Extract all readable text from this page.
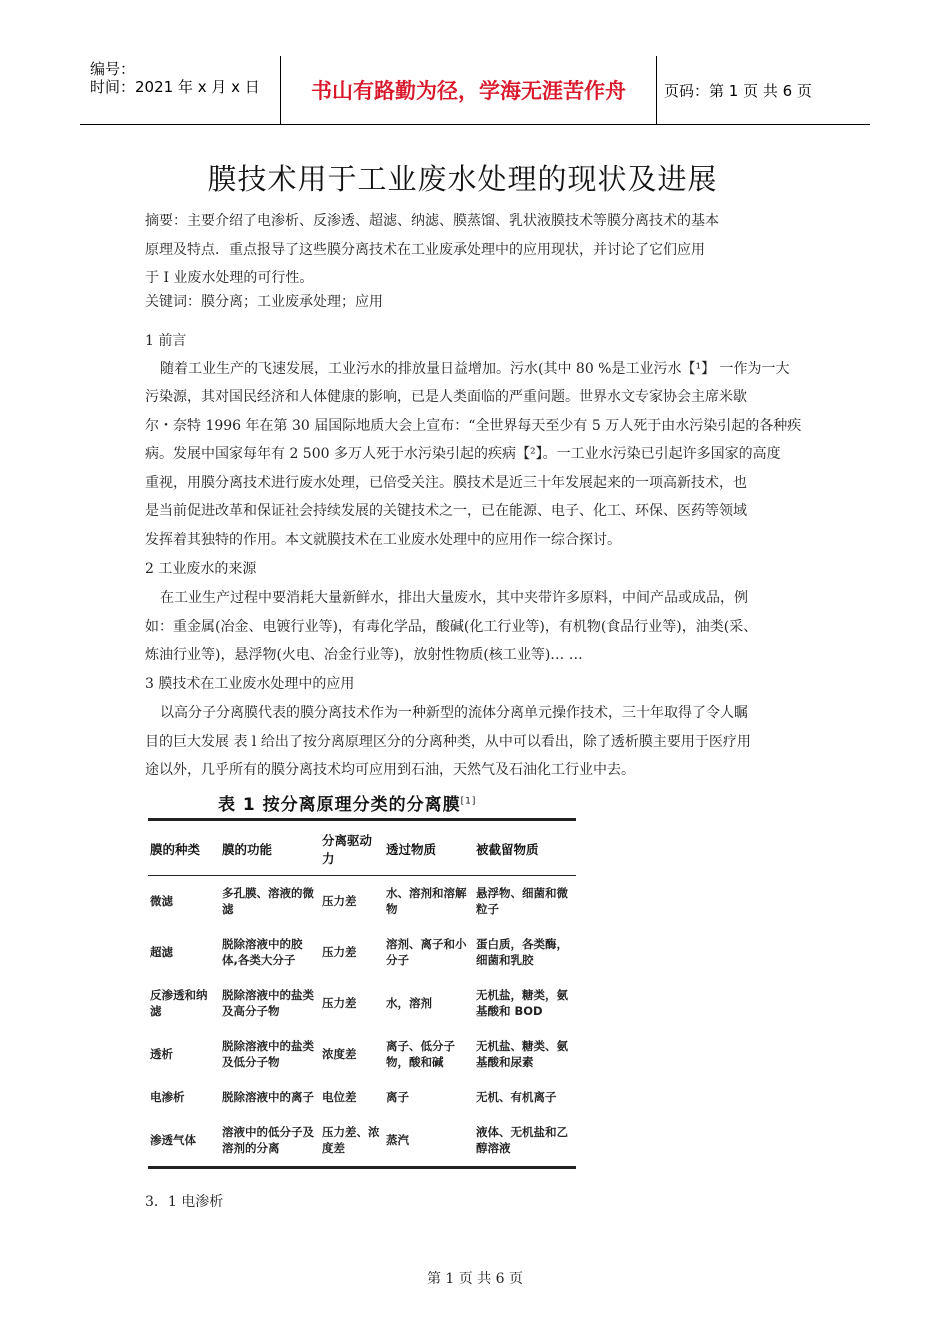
编号：
时间：2021 年 x 月 x 日	书山有路勤为径，学海无涯苦作舟	页码：第 1 页 共 6 页
膜技术用于工业废水处理的现状及进展
摘要：主要介绍了电渗析、反渗透、超滤、纳滤、膜蒸馏、乳状液膜技术等膜分离技术的基本
原理及特点．重点报导了这些膜分离技术在工业废承处理中的应用现状，并讨论了它们应用
于 I 业废水处理的可行性。
关键词：膜分离；工业废承处理；应用
1 前言
随着工业生产的飞速发展，工业污水的排放量日益增加。污水(其中 80 %是工业污水【¹】 一作为一大
污染源，其对国民经济和人体健康的影响，已是人类面临的严重问题。世界水文专家协会主席米歇
尔・奈特 1996 年在第 30 届国际地质大会上宣布：“全世界每天至少有 5 万人死于由水污染引起的各种疾
病。发展中国家每年有 2 500 多万人死于水污染引起的疾病【²】。一工业水污染已引起许多国家的高度
重视，用膜分离技术进行废水处理，已倍受关注。膜技术是近三十年发展起来的一项高新技术，也
是当前促进改革和保证社会持续发展的关键技术之一，已在能源、电子、化工、环保、医药等领域
发挥着其独特的作用。本文就膜技术在工业废水处理中的应用作一综合探讨。
2 工业废水的来源
在工业生产过程中要消耗大量新鲜水，排出大量废水，其中夹带许多原料，中间产品或成品，例
如：重金属(冶金、电镀行业等)，有毒化学品，酸碱(化工行业等)，有机物(食品行业等)，油类(采、
炼油行业等)，悬浮物(火电、冶金行业等)，放射性物质(核工业等)… …
3 膜技术在工业废水处理中的应用
以高分子分离膜代表的膜分离技术作为一种新型的流体分离单元操作技术，三十年取得了令人瞩
目的巨大发展 表 l 给出了按分离原理区分的分离种类，从中可以看出，除了透析膜主要用于医疗用
途以外，几乎所有的膜分离技术均可应用到石油，天然气及石油化工行业中去。
表 1 按分离原理分类的分离膜[1]
膜的种类	膜的功能	分离驱动力	透过物质	被截留物质
微滤	多孔膜、溶液的微滤	压力差	水、溶剂和溶解物	悬浮物、细菌和微粒子
超滤	脱除溶液中的胶体,各类大分子	压力差	溶剂、离子和小分子	蛋白质，各类酶，细菌和乳胶
反渗透和纳滤	脱除溶液中的盐类及高分子物	压力差	水，溶剂	无机盐，糖类，氨基酸和 BOD
透析	脱除溶液中的盐类及低分子物	浓度差	离子、低分子物，酸和碱	无机盐、糖类、氨基酸和尿素
电渗析	脱除溶液中的离子	电位差	离子	无机、有机离子
渗透气体	溶液中的低分子及溶剂的分离	压力差、浓度差	蒸汽	液体、无机盐和乙醇溶液
3．1 电渗析
第 1 页 共 6 页
